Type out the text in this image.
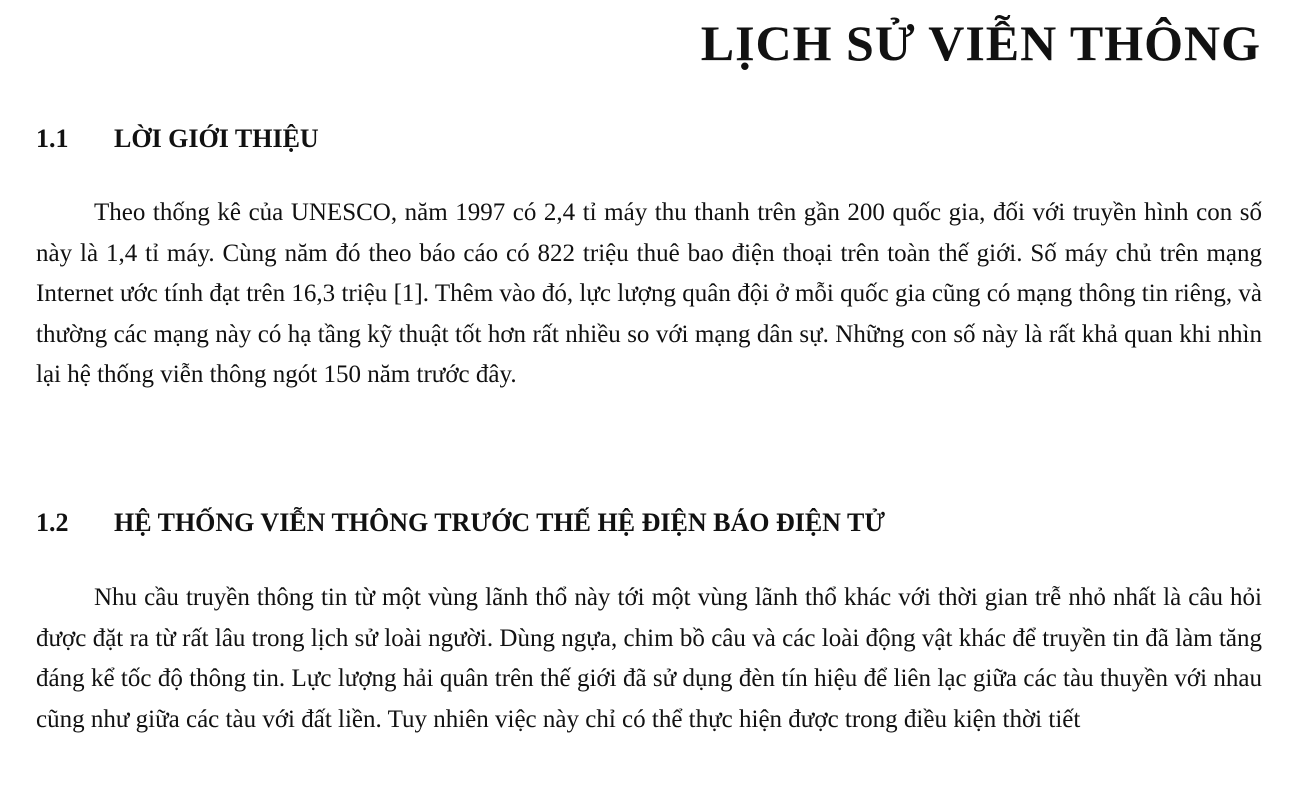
LỊCH SỬ VIỄN THÔNG
1.1 LỜI GIỚI THIỆU

Theo thống kê của UNESCO, năm 1997 có 2,4 tỉ máy thu thanh trên gần 200 quốc gia, đối với truyền hình con số này là 1,4 tỉ máy. Cùng năm đó theo báo cáo có 822 triệu thuê bao điện thoại trên toàn thế giới. Số máy chủ trên mạng Internet ước tính đạt trên 16,3 triệu [1]. Thêm vào đó, lực lượng quân đội ở mỗi quốc gia cũng có mạng thông tin riêng, và thường các mạng này có hạ tầng kỹ thuật tốt hơn rất nhiều so với mạng dân sự. Những con số này là rất khả quan khi nhìn lại hệ thống viễn thông ngót 150 năm trước đây.

1.2 HỆ THỐNG VIỄN THÔNG TRƯỚC THẾ HỆ ĐIỆN BÁO ĐIỆN TỬ

Nhu cầu truyền thông tin từ một vùng lãnh thổ này tới một vùng lãnh thổ khác với thời gian trễ nhỏ nhất là câu hỏi được đặt ra từ rất lâu trong lịch sử loài người. Dùng ngựa, chim bồ câu và các loài động vật khác để truyền tin đã làm tăng đáng kể tốc độ thông tin. Lực lượng hải quân trên thế giới đã sử dụng đèn tín hiệu để liên lạc giữa các tàu thuyền với nhau cũng như giữa các tàu với đất liền. Tuy nhiên việc này chỉ có thể thực hiện được trong điều kiện thời tiết
